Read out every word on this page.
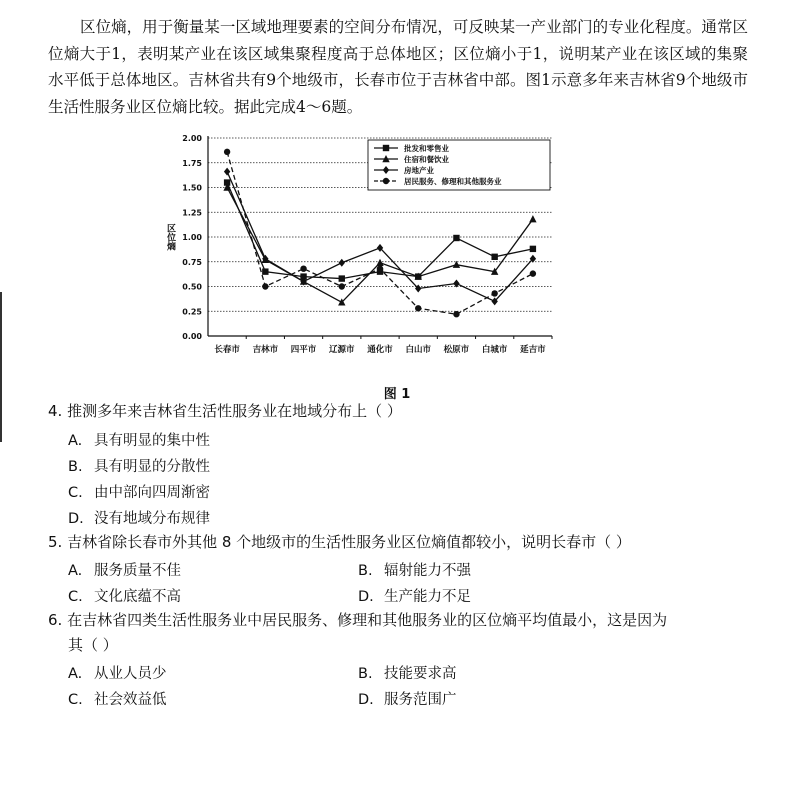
区位熵，用于衡量某一区域地理要素的空间分布情况，可反映某一产业部门的专业化程度。通常区位熵大于1，表明某产业在该区域集聚程度高于总体地区；区位熵小于1，说明某产业在该区域的集聚水平低于总体地区。吉林省共有9个地级市，长春市位于吉林省中部。图1示意多年来吉林省9个地级市生活性服务业区位熵比较。据此完成4～6题。
0.00
0.25
0.50
0.75
1.00
1.25
1.50
1.75
2.00
长春市 吉林市 四平市 辽源市 通化市 白山市 松原市 白城市 延吉市
区位熵
批发和零售业
住宿和餐饮业
房地产业
居民服务、修理和其他服务业
图 1
4. 推测多年来吉林省生活性服务业在地域分布上（ ）
A. 具有明显的集中性
B. 具有明显的分散性
C. 由中部向四周渐密
D. 没有地域分布规律
5. 吉林省除长春市外其他 8 个地级市的生活性服务业区位熵值都较小，说明长春市（ ）
A. 服务质量不佳	B. 辐射能力不强
C. 文化底蕴不高	D. 生产能力不足
6. 在吉林省四类生活性服务业中居民服务、修理和其他服务业的区位熵平均值最小，这是因为
其（ ）
A. 从业人员少	B. 技能要求高
C. 社会效益低	D. 服务范围广
